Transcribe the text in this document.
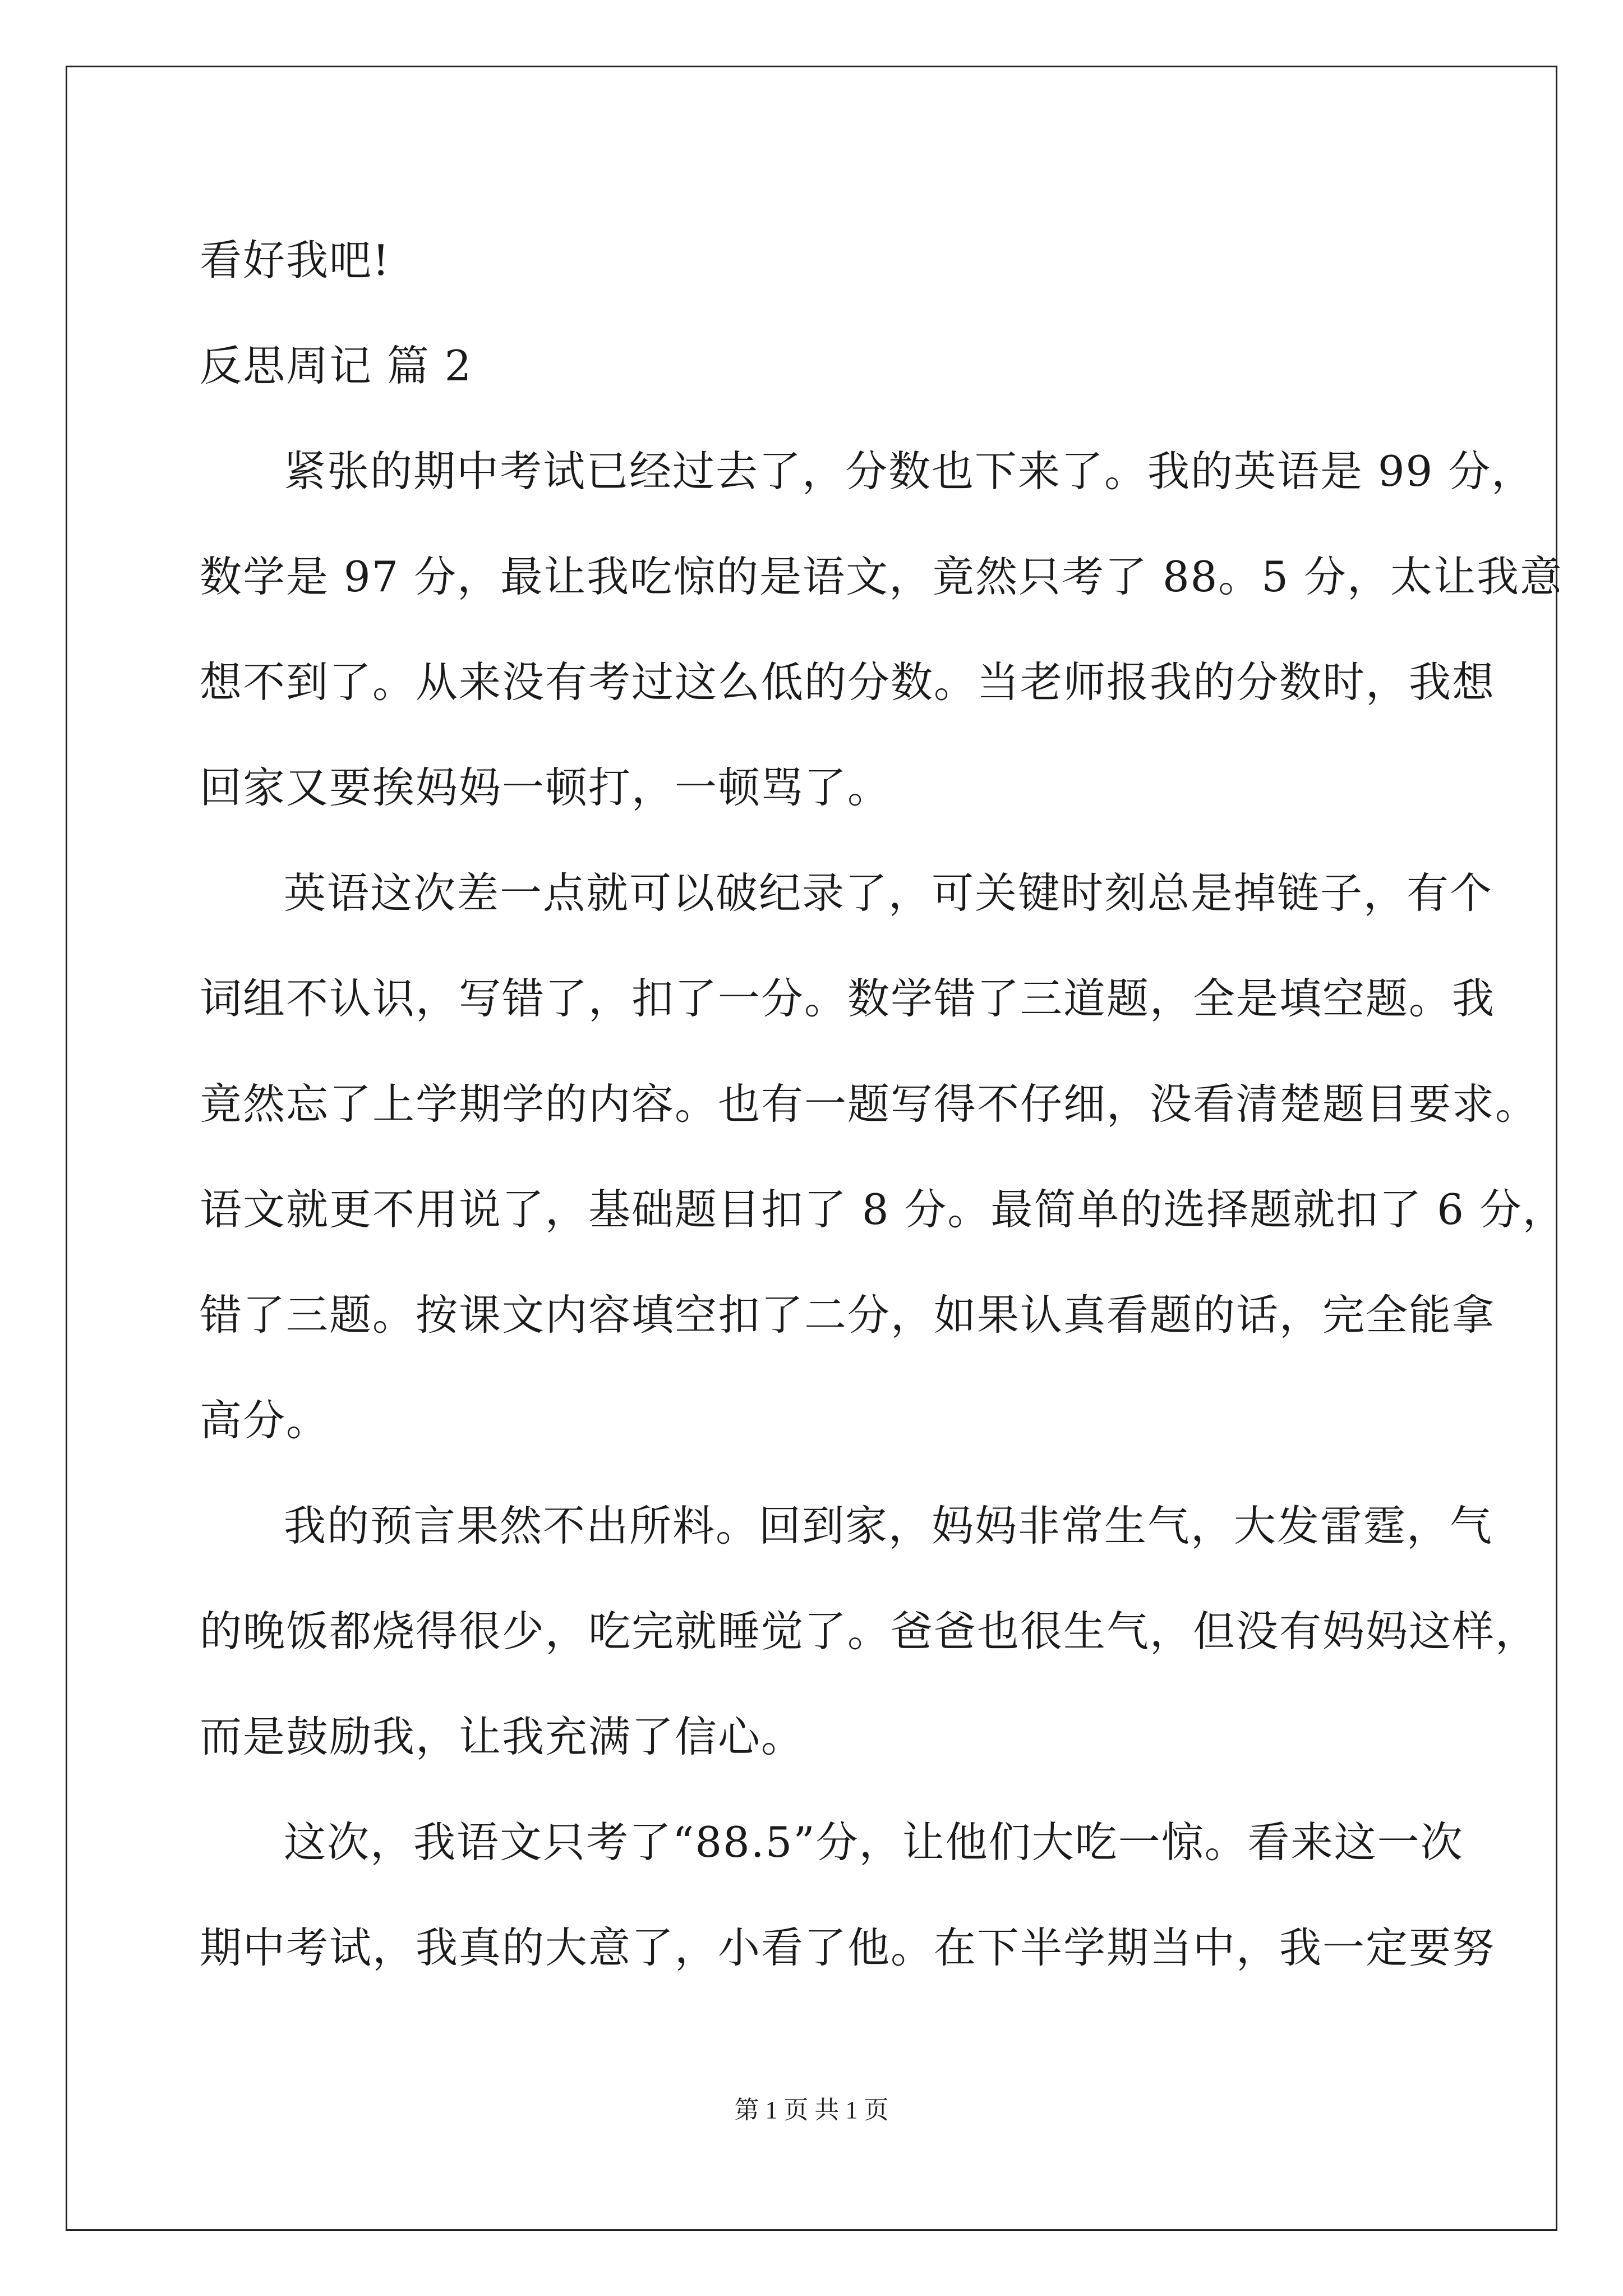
看好我吧!
反思周记 篇 2
紧张的期中考试已经过去了，分数也下来了。我的英语是 99 分，
数学是 97 分，最让我吃惊的是语文，竟然只考了 88。5 分，太让我意
想不到了。从来没有考过这么低的分数。当老师报我的分数时，我想
回家又要挨妈妈一顿打，一顿骂了。
英语这次差一点就可以破纪录了，可关键时刻总是掉链子，有个
词组不认识，写错了，扣了一分。数学错了三道题，全是填空题。我
竟然忘了上学期学的内容。也有一题写得不仔细，没看清楚题目要求。
语文就更不用说了，基础题目扣了 8 分。最简单的选择题就扣了 6 分，
错了三题。按课文内容填空扣了二分，如果认真看题的话，完全能拿
高分。
我的预言果然不出所料。回到家，妈妈非常生气，大发雷霆，气
的晚饭都烧得很少，吃完就睡觉了。爸爸也很生气，但没有妈妈这样，
而是鼓励我，让我充满了信心。
这次，我语文只考了“88.5”分，让他们大吃一惊。看来这一次
期中考试，我真的大意了，小看了他。在下半学期当中，我一定要努
第 1 页 共 1 页
